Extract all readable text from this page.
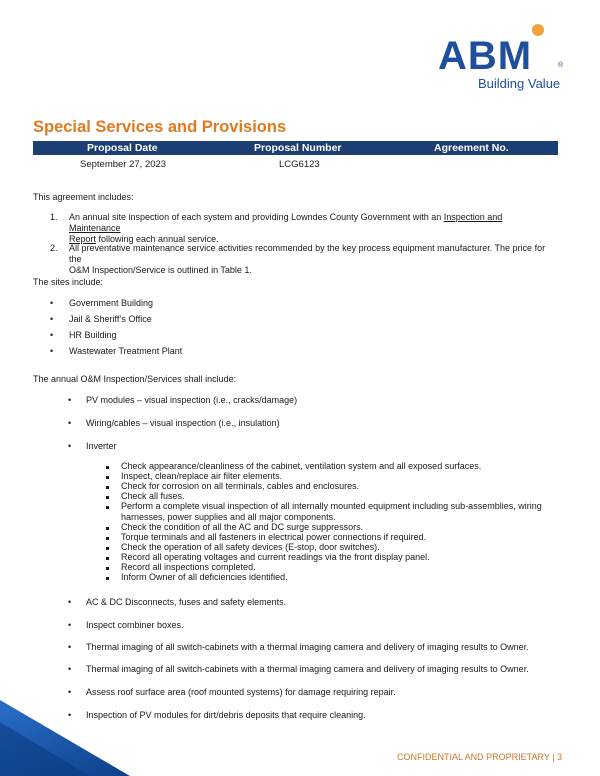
ABM	®
Building Value
Special Services and Provisions
Proposal Date	Proposal Number	Agreement No.
September 27, 2023	LCG6123
This agreement includes:
1. An annual site inspection of each system and providing Lowndes County Government with an Inspection and Maintenance
Report following each annual service.
2. All preventative maintenance service activities recommended by the key process equipment manufacturer. The price for the
O&M Inspection/Service is outlined in Table 1.
The sites include:
• Government Building
• Jail & Sheriff’s Office
• HR Building
• Wastewater Treatment Plant
The annual O&M Inspection/Services shall include:
• PV modules – visual inspection (i.e., cracks/damage)
• Wiring/cables – visual inspection (i.e., insulation)
• Inverter
Check appearance/cleanliness of the cabinet, ventilation system and all exposed surfaces.
Inspect, clean/replace air filter elements.
Check for corrosion on all terminals, cables and enclosures.
Check all fuses.
Perform a complete visual inspection of all internally mounted equipment including sub-assemblies, wiring
harnesses, power supplies and all major components.
Check the condition of all the AC and DC surge suppressors.
Torque terminals and all fasteners in electrical power connections if required.
Check the operation of all safety devices (E-stop, door switches).
Record all operating voltages and current readings via the front display panel.
Record all inspections completed.
Inform Owner of all deficiencies identified.
• AC & DC Disconnects, fuses and safety elements.
• Inspect combiner boxes.
• Thermal imaging of all switch-cabinets with a thermal imaging camera and delivery of imaging results to Owner.
• Thermal imaging of all switch-cabinets with a thermal imaging camera and delivery of imaging results to Owner.
• Assess roof surface area (roof mounted systems) for damage requiring repair.
• Inspection of PV modules for dirt/debris deposits that require cleaning.
CONFIDENTIAL AND PROPRIETARY | 3
